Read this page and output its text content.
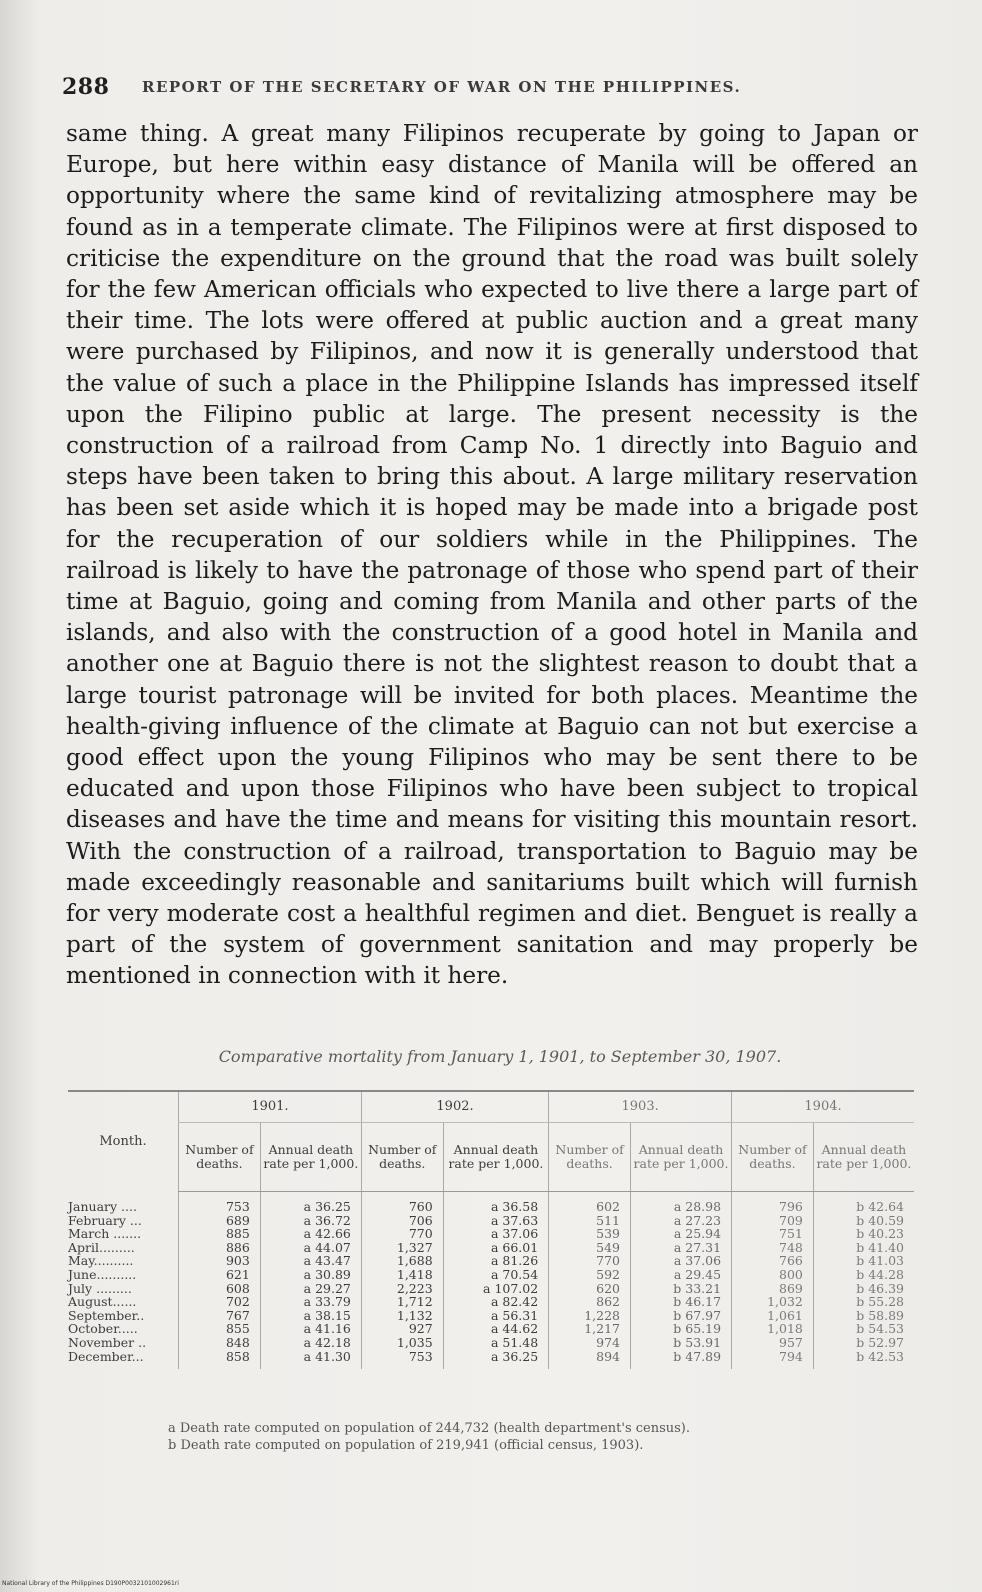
288 REPORT OF THE SECRETARY OF WAR ON THE PHILIPPINES.

same thing. A great many Filipinos recuperate by going to Japan or Europe, but here within easy distance of Manila will be offered an opportunity where the same kind of revitalizing atmosphere may be found as in a temperate climate. The Filipinos were at first disposed to criticise the expenditure on the ground that the road was built solely for the few American officials who expected to live there a large part of their time. The lots were offered at public auction and a great many were purchased by Filipinos, and now it is generally understood that the value of such a place in the Philippine Islands has impressed itself upon the Filipino public at large. The present necessity is the construction of a railroad from Camp No. 1 directly into Baguio and steps have been taken to bring this about. A large military reservation has been set aside which it is hoped may be made into a brigade post for the recuperation of our soldiers while in the Philippines. The railroad is likely to have the patronage of those who spend part of their time at Baguio, going and coming from Manila and other parts of the islands, and also with the construction of a good hotel in Manila and another one at Baguio there is not the slightest reason to doubt that a large tourist patronage will be invited for both places. Meantime the health-giving influence of the climate at Baguio can not but exercise a good effect upon the young Filipinos who may be sent there to be educated and upon those Filipinos who have been subject to tropical diseases and have the time and means for visiting this mountain resort. With the construction of a railroad, transportation to Baguio may be made exceedingly reasonable and sanitariums built which will furnish for very moderate cost a healthful regimen and diet. Benguet is really a part of the system of government sanitation and may properly be mentioned in connection with it here.

Comparative mortality from January 1, 1901, to September 30, 1907.
Month.	1901.		1902.		1903.		1904.	
	Number of deaths.	Annual death rate per 1,000.	Number of deaths.	Annual death rate per 1,000.	Number of deaths.	Annual death rate per 1,000.	Number of deaths.	Annual death rate per 1,000.
January ....	753	a 36.25	760	a 36.58	602	a 28.98	796	b 42.64
February ...	689	a 36.72	706	a 37.63	511	a 27.23	709	b 40.59
March .......	885	a 42.66	770	a 37.06	539	a 25.94	751	b 40.23
April.........	886	a 44.07	1,327	a 66.01	549	a 27.31	748	b 41.40
May..........	903	a 43.47	1,688	a 81.26	770	a 37.06	766	b 41.03
June..........	621	a 30.89	1,418	a 70.54	592	a 29.45	800	b 44.28
July .........	608	a 29.27	2,223	a 107.02	620	b 33.21	869	b 46.39
August......	702	a 33.79	1,712	a 82.42	862	b 46.17	1,032	b 55.28
September..	767	a 38.15	1,132	a 56.31	1,228	b 67.97	1,061	b 58.89
October.....	855	a 41.16	927	a 44.62	1,217	b 65.19	1,018	b 54.53
November ..	848	a 42.18	1,035	a 51.48	974	b 53.91	957	b 52.97
December...	858	a 41.30	753	a 36.25	894	b 47.89	794	b 42.53
a Death rate computed on population of 244,732 (health department's census).
b Death rate computed on population of 219,941 (official census, 1903).
National Library of the Philippines D190P0032101002961ri
